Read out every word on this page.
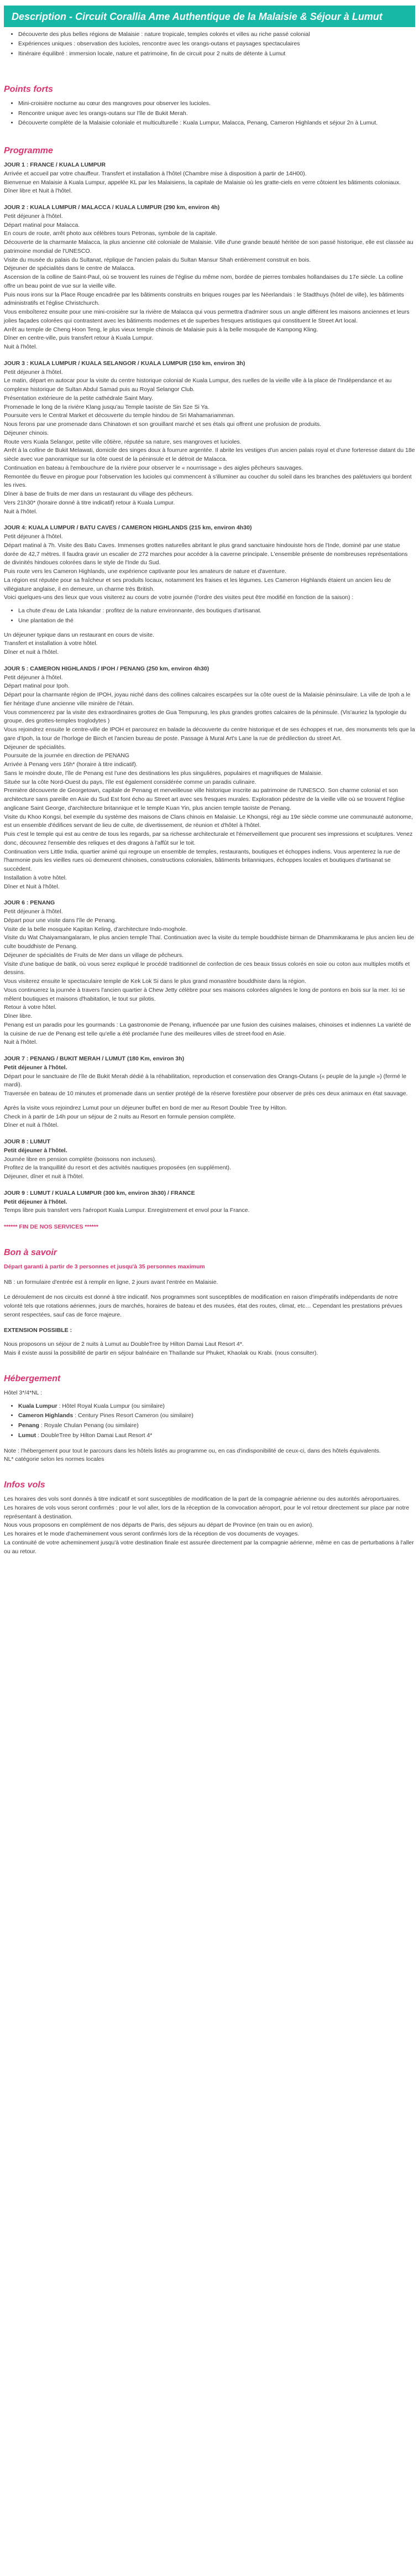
Description - Circuit Corallia Ame Authentique de la Malaisie & Séjour à Lumut
• Découverte des plus belles régions de Malaisie : nature tropicale, temples colorés et villes au riche passé colonial
• Expériences uniques : observation des lucioles, rencontre avec les orangs-outans et paysages spectaculaires
• Itinéraire équilibré : immersion locale, nature et patrimoine, fin de circuit pour 2 nuits de détente à Lumut
Points forts
• Mini-croisière nocturne au cœur des mangroves pour observer les lucioles.
• Rencontre unique avec les orangs-outans sur l'île de Bukit Merah.
• Découverte complète de la Malaisie coloniale et multiculturelle : Kuala Lumpur, Malacca, Penang, Cameron Highlands et séjour 2n à Lumut.
Programme
JOUR 1 : FRANCE / KUALA LUMPUR
Arrivée et accueil par votre chauffeur. Transfert et installation à l'hôtel (Chambre mise à disposition à partir de 14H00).
Bienvenue en Malaisie à Kuala Lumpur, appelée KL par les Malaisiens, la capitale de Malaisie où les gratte-ciels en verre côtoient les bâtiments coloniaux.
Dîner libre et Nuit à l'hôtel.
JOUR 2 : KUALA LUMPUR / MALACCA / KUALA LUMPUR (290 km, environ 4h)
Petit déjeuner à l'hôtel.
Départ matinal pour Malacca.
En cours de route, arrêt photo aux célèbres tours Petronas, symbole de la capitale.
Découverte de la charmante Malacca, la plus ancienne cité coloniale de Malaisie. Ville d'une grande beauté héritée de son passé historique, elle est classée au patrimoine mondial de l'UNESCO.
Visite du musée du palais du Sultanat, réplique de l'ancien palais du Sultan Mansur Shah entièrement construit en bois.
Déjeuner de spécialités dans le centre de Malacca.
Ascension de la colline de Saint-Paul, où se trouvent les ruines de l'église du même nom, bordée de pierres tombales hollandaises du 17e siècle. La colline offre un beau point de vue sur la vieille ville.
Puis nous irons sur la Place Rouge encadrée par les bâtiments construits en briques rouges par les Néerlandais : le Stadthuys (hôtel de ville), les bâtiments administratifs et l'église Christchurch.
Vous emboîterez ensuite pour une mini-croisière sur la rivière de Malacca qui vous permettra d'admirer sous un angle différent les maisons anciennes et leurs jolies façades colorées qui contrastent avec les bâtiments modernes et de superbes fresques artistiques qui constituent le Street Art local.
Arrêt au temple de Cheng Hoon Teng, le plus vieux temple chinois de Malaisie puis à la belle mosquée de Kampong Kling.
Dîner en centre-ville, puis transfert retour à Kuala Lumpur.
Nuit à l'hôtel.
JOUR 3 : KUALA LUMPUR / KUALA SELANGOR / KUALA LUMPUR (150 km, environ 3h)
Petit déjeuner à l'hôtel.
Le matin, départ en autocar pour la visite du centre historique colonial de Kuala Lumpur, des ruelles de la vieille ville à la place de l'Indépendance et au complexe historique de Sultan Abdul Samad puis au Royal Selangor Club.
Présentation extérieure de la petite cathédrale Saint Mary.
Promenade le long de la rivière Klang jusqu'au Temple taoïste de Sin Sze Si Ya.
Poursuite vers le Central Market et découverte du temple hindou de Sri Mahamariamman.
Nous ferons par une promenade dans Chinatown et son grouillant marché et ses étals qui offrent une profusion de produits.
Déjeuner chinois.
Route vers Kuala Selangor, petite ville côtière, réputée sa nature, ses mangroves et lucioles.
Arrêt à la colline de Bukit Melawati, domicile des singes doux à fourrure argentée. Il abrite les vestiges d'un ancien palais royal et d'une forteresse datant du 18e siècle avec vue panoramique sur la côte ouest de la péninsule et le détroit de Malacca.
Continuation en bateau à l'embouchure de la rivière pour observer le « nourrissage » des aigles pêcheurs sauvages.
Remontée du fleuve en pirogue pour l'observation les lucioles qui commencent à s'illuminer au coucher du soleil dans les branches des palétuviers qui bordent les rives.
Dîner à base de fruits de mer dans un restaurant du village des pêcheurs.
Vers 21h30* (horaire donné à titre indicatif) retour à Kuala Lumpur.
Nuit à l'hôtel.
JOUR 4: KUALA LUMPUR / BATU CAVES / CAMERON HIGHLANDS (215 km, environ 4h30)
Petit déjeuner à l'hôtel.
Départ matinal à 7h. Visite des Batu Caves. Immenses grottes naturelles abritant le plus grand sanctuaire hindouiste hors de l'Inde, dominé par une statue dorée de 42,7 mètres. Il faudra gravir un escalier de 272 marches pour accéder à la caverne principale. L'ensemble présente de nombreuses représentations de divinités hindoues colorées dans le style de l'Inde du Sud.
Puis route vers les Cameron Highlands, une expérience captivante pour les amateurs de nature et d'aventure.
La région est réputée pour sa fraîcheur et ses produits locaux, notamment les fraises et les légumes. Les Cameron Highlands étaient un ancien lieu de villégiature anglaise, il en demeure, un charme très British.
Voici quelques-uns des lieux que vous visiterez au cours de votre journée (l'ordre des visites peut être modifié en fonction de la saison) :
• La chute d'eau de Lata Iskandar : profitez de la nature environnante, des boutiques d'artisanat.
• Une plantation de thé
Un déjeuner typique dans un restaurant en cours de visite.
Transfert et installation à votre hôtel.
Dîner et nuit à l'hôtel.
JOUR 5 : CAMERON HIGHLANDS / IPOH / PENANG (250 km, environ 4h30)
Petit déjeuner à l'hôtel.
Départ matinal pour Ipoh.
Départ pour la charmante région de IPOH, joyau niché dans des collines calcaires escarpées sur la côte ouest de la Malaisie péninsulaire. La ville de Ipoh a le fier héritage d'une ancienne ville minière de l'étain.
Vous commencerez par la visite des extraordinaires grottes de Gua Tempurung, les plus grandes grottes calcaires de la péninsule. (Vis'auriez la typologie du groupe, des grottes-temples troglodytes )
Vous rejoindrez ensuite le centre-ville de IPOH et parcourez en balade la découverte du centre historique et de ses échoppes et rue, des monuments tels que la gare d'Ipoh, la tour de l'horloge de Birch et l'ancien bureau de poste. Passage à Mural Art's Lane la rue de prédilection du street Art.
Déjeuner de spécialités.
Poursuite de la journée en direction de PENANG
Arrivée à Penang vers 16h* (horaire à titre indicatif).
Sans le moindre doute, l'île de Penang est l'une des destinations les plus singulières, populaires et magnifiques de Malaisie.
Située sur la côte Nord-Ouest du pays, l'île est également considérée comme un paradis culinaire.
Première découverte de Georgetown, capitale de Penang et merveilleuse ville historique inscrite au patrimoine de l'UNESCO. Son charme colonial et son architecture sans pareille en Asie du Sud Est font écho au Street art avec ses fresques murales. Exploration pédestre de la vieille ville où se trouvent l'église anglicane Saint George, d'architecture britannique et le temple Kuan Yin, plus ancien temple taoïste de Penang.
Visite du Khoo Kongsi, bel exemple du système des maisons de Clans chinois en Malaisie. Le Khongsi, régi au 19e siècle comme une communauté autonome, est un ensemble d'édifices servant de lieu de culte, de divertissement, de réunion et d'hôtel à l'hôtel.
Puis c'est le temple qui est au centre de tous les regards, par sa richesse architecturale et l'émerveillement que procurent ses impressions et sculptures. Venez donc, découvrez l'ensemble des reliques et des dragons à l'affût sur le toit.
Continuation vers Little India, quartier animé qui regroupe un ensemble de temples, restaurants, boutiques et échoppes indiens. Vous arpenterez la rue de l'harmonie puis les vieilles rues où demeurent chinoises, constructions coloniales, bâtiments britanniques, échoppes locales et boutiques d'artisanat se succèdent.
Installation à votre hôtel.
Dîner et Nuit à l'hôtel.
JOUR 6 : PENANG
Petit déjeuner à l'hôtel.
Départ pour une visite dans l'île de Penang.
Visite de la belle mosquée Kapitan Keling, d'architecture Indo-moghole.
Visite du Wat Chaiyamangalaram, le plus ancien temple Thaï. Continuation avec la visite du temple bouddhiste birman de Dhammikarama le plus ancien lieu de culte bouddhiste de Penang.
Déjeuner de spécialités de Fruits de Mer dans un village de pêcheurs.
Visite d'une batique de batik, où vous serez expliqué le procédé traditionnel de confection de ces beaux tissus colorés en soie ou coton aux multiples motifs et dessins.
Vous visiterez ensuite le spectaculaire temple de Kek Lok Si dans le plus grand monastère bouddhiste dans la région.
Vous continuerez la journée à travers l'ancien quartier à Chew Jetty célèbre pour ses maisons colorées alignées le long de pontons en bois sur la mer. Ici se mêlent boutiques et maisons d'habitation, le tout sur pilotis.
Retour à votre hôtel.
Dîner libre.
Penang est un paradis pour les gourmands : La gastronomie de Penang, influencée par une fusion des cuisines malaises, chinoises et indiennes La variété de la cuisine de rue de Penang est telle qu'elle a été proclamée l'une des meilleures villes de street-food en Asie.
Nuit à l'hôtel.
JOUR 7 : PENANG / BUKIT MERAH / LUMUT (180 Km, environ 3h)
Petit déjeuner à l'hôtel.
Départ pour le sanctuaire de l'île de Bukit Merah dédié à la réhabilitation, reproduction et conservation des Orangs-Outans (« peuple de la jungle ») (fermé le mardi).
Traversée en bateau de 10 minutes et promenade dans un sentier protégé de la réserve forestière pour observer de près ces deux animaux en état sauvage.
Après la visite vous rejoindrez Lumut pour un déjeuner buffet en bord de mer au Resort Double Tree by Hilton.
Check in à partir de 14h pour un séjour de 2 nuits au Resort en formule pension complète.
Dîner et nuit à l'hôtel.
JOUR 8 : LUMUT
Petit déjeuner à l'hôtel.
Journée libre en pension complète (boissons non incluses).
Profitez de la tranquillité du resort et des activités nautiques proposées (en supplément).
Déjeuner, dîner et nuit à l'hôtel.
JOUR 9 : LUMUT / KUALA LUMPUR (300 km, environ 3h30) / FRANCE
Petit déjeuner à l'hôtel.
Temps libre puis transfert vers l'aéroport Kuala Lumpur. Enregistrement et envol pour la France.
****** FIN DE NOS SERVICES ******
Bon à savoir
Départ garanti à partir de 3 personnes et jusqu'à 35 personnes maximum
NB : un formulaire d'entrée est à remplir en ligne, 2 jours avant l'entrée en Malaisie.
Le déroulement de nos circuits est donné à titre indicatif. Nos programmes sont susceptibles de modification en raison d'impératifs indépendants de notre volonté tels que rotations aériennes, jours de marchés, horaires de bateau et des musées, état des routes, climat, etc… Cependant les prestations prévues seront respectées, sauf cas de force majeure.
EXTENSION POSSIBLE :
Nous proposons un séjour de 2 nuits à Lumut au DoubleTree by Hilton Damai Laut Resort 4*.
Mais il existe aussi la possibilité de partir en séjour balnéaire en Thaïlande sur Phuket, Khaolak ou Krabi. (nous consulter).
Hébergement
Hôtel 3*/4*NL :
• Kuala Lumpur : Hôtel Royal Kuala Lumpur (ou similaire)
• Cameron Highlands : Century Pines Resort Cameron (ou similaire)
• Penang : Royale Chulan Penang (ou similaire)
• Lumut : DoubleTree by Hilton Damai Laut Resort 4*
Note : l'hébergement pour tout le parcours dans les hôtels listés au programme ou, en cas d'indisponibilité de ceux-ci, dans des hôtels équivalents.
NL* catégorie selon les normes locales
Infos vols
Les horaires des vols sont donnés à titre indicatif et sont susceptibles de modification de la part de la compagnie aérienne ou des autorités aéroportuaires.
Les horaires de vols vous seront confirmés : pour le vol aller, lors de la réception de la convocation aéroport, pour le vol retour directement sur place par notre représentant à destination.
Nous vous proposons en complément de nos départs de Paris, des séjours au départ de Province (en train ou en avion).
Les horaires et le mode d'acheminement vous seront confirmés lors de la réception de vos documents de voyages.
La continuité de votre acheminement jusqu'à votre destination finale est assurée directement par la compagnie aérienne, même en cas de perturbations à l'aller ou au retour.
